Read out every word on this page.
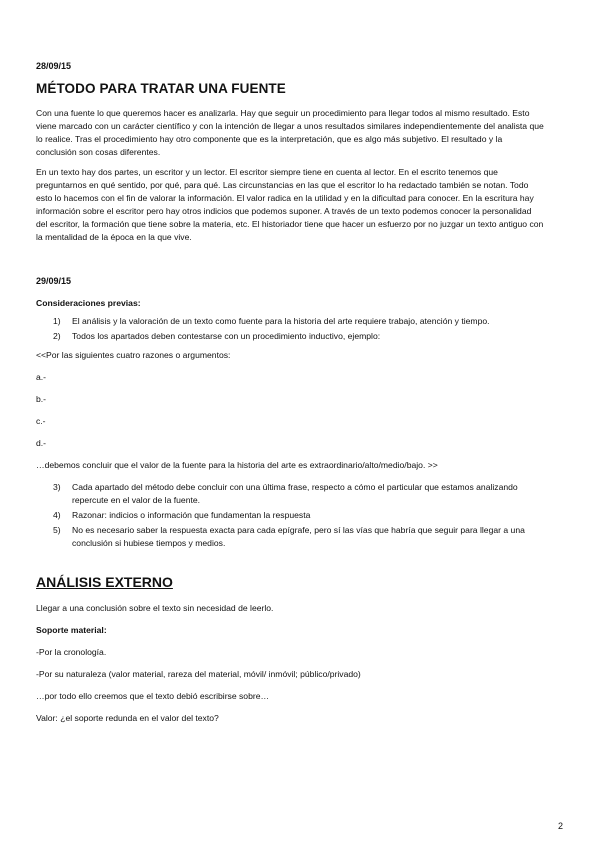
28/09/15
MÉTODO PARA TRATAR UNA FUENTE

Con una fuente lo que queremos hacer es analizarla. Hay que seguir un procedimiento para llegar todos al mismo resultado. Esto viene marcado con un carácter científico y con la intención de llegar a unos resultados similares independientemente del analista que lo realice. Tras el procedimiento hay otro componente que es la interpretación, que es algo más subjetivo. El resultado y la conclusión son cosas diferentes.

En un texto hay dos partes, un escritor y un lector. El escritor siempre tiene en cuenta al lector. En el escrito tenemos que preguntarnos en qué sentido, por qué, para qué. Las circunstancias en las que el escritor lo ha redactado también se notan. Todo esto lo hacemos con el fin de valorar la información. El valor radica en la utilidad y en la dificultad para conocer. En la escritura hay información sobre el escritor pero hay otros indicios que podemos suponer. A través de un texto podemos conocer la personalidad del escritor, la formación que tiene sobre la materia, etc. El historiador tiene que hacer un esfuerzo por no juzgar un texto antiguo con la mentalidad de la época en la que vive.

29/09/15
Consideraciones previas:
1) El análisis y la valoración de un texto como fuente para la historia del arte requiere trabajo, atención y tiempo.
2) Todos los apartados deben contestarse con un procedimiento inductivo, ejemplo:
<<Por las siguientes cuatro razones o argumentos:
a.-
b.-
c.-
d.-
…debemos concluir que el valor de la fuente para la historia del arte es extraordinario/alto/medio/bajo. >>
3) Cada apartado del método debe concluir con una última frase, respecto a cómo el particular que estamos analizando repercute en el valor de la fuente.
4) Razonar: indicios o información que fundamentan la respuesta
5) No es necesario saber la respuesta exacta para cada epígrafe, pero sí las vías que habría que seguir para llegar a una conclusión si hubiese tiempos y medios.
ANÁLISIS EXTERNO
Llegar a una conclusión sobre el texto sin necesidad de leerlo.
Soporte material:
-Por la cronología.
-Por su naturaleza (valor material, rareza del material, móvil/ inmóvil; público/privado)
…por todo ello creemos que el texto debió escribirse sobre…
Valor: ¿el soporte redunda en el valor del texto?
2
